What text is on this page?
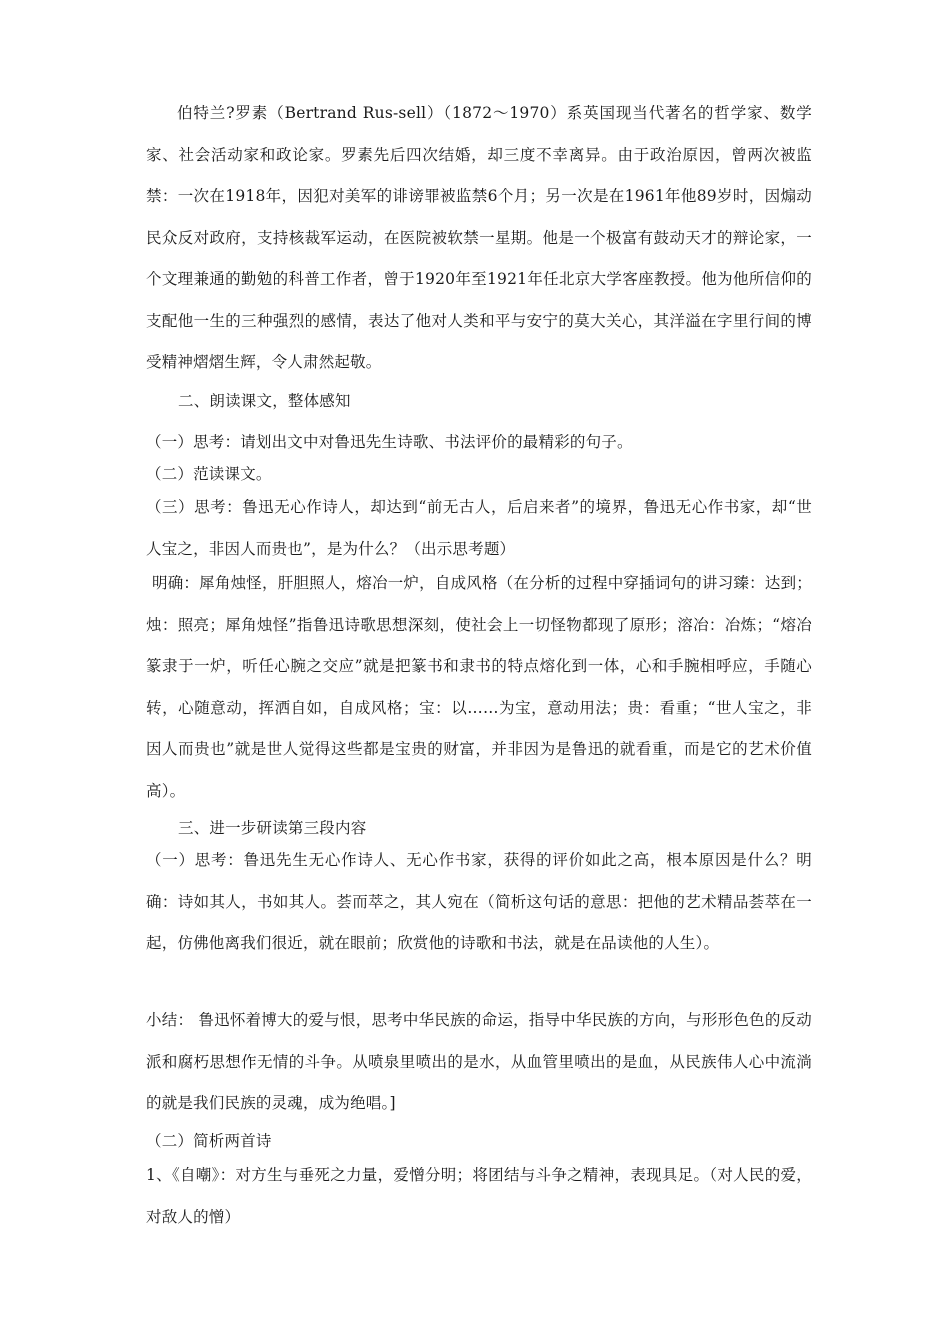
伯特兰?罗素（Bertrand Rus-sell）（1872～1970）系英国现当代著名的哲学家、数学家、社会活动家和政论家。罗素先后四次结婚，却三度不幸离异。由于政治原因，曾两次被监禁：一次在1918年，因犯对美军的诽谤罪被监禁6个月；另一次是在1961年他89岁时，因煽动民众反对政府，支持核裁军运动，在医院被软禁一星期。他是一个极富有鼓动天才的辩论家，一个文理兼通的勤勉的科普工作者，曾于1920年至1921年任北京大学客座教授。他为他所信仰的支配他一生的三种强烈的感情，表达了他对人类和平与安宁的莫大关心，其洋溢在字里行间的博受精神熠熠生辉，令人肃然起敬。

二、朗读课文，整体感知

（一）思考：请划出文中对鲁迅先生诗歌、书法评价的最精彩的句子。

（二）范读课文。

（三）思考：鲁迅无心作诗人，却达到“前无古人，后启来者”的境界，鲁迅无心作书家，却“世人宝之，非因人而贵也”，是为什么？（出示思考题）

明确：犀角烛怪，肝胆照人，熔冶一炉，自成风格（在分析的过程中穿插词句的讲习臻：达到；烛：照亮；犀角烛怪”指鲁迅诗歌思想深刻，使社会上一切怪物都现了原形；溶冶：冶炼；“熔冶篆隶于一炉，听任心腕之交应”就是把篆书和隶书的特点熔化到一体，心和手腕相呼应，手随心转，心随意动，挥洒自如，自成风格；宝：以……为宝，意动用法；贵：看重；“世人宝之，非因人而贵也”就是世人觉得这些都是宝贵的财富，并非因为是鲁迅的就看重，而是它的艺术价值高）。

三、进一步研读第三段内容

（一）思考：鲁迅先生无心作诗人、无心作书家，获得的评价如此之高，根本原因是什么？明确：诗如其人，书如其人。荟而萃之，其人宛在（简析这句话的意思：把他的艺术精品荟萃在一起，仿佛他离我们很近，就在眼前；欣赏他的诗歌和书法，就是在品读他的人生）。

小结： 鲁迅怀着博大的爱与恨，思考中华民族的命运，指导中华民族的方向，与形形色色的反动派和腐朽思想作无情的斗争。从喷泉里喷出的是水，从血管里喷出的是血，从民族伟人心中流淌的就是我们民族的灵魂，成为绝唱。]

（二）简析两首诗

1、《自嘲》：对方生与垂死之力量，爱憎分明；将团结与斗争之精神，表现具足。（对人民的爱，对敌人的憎）
